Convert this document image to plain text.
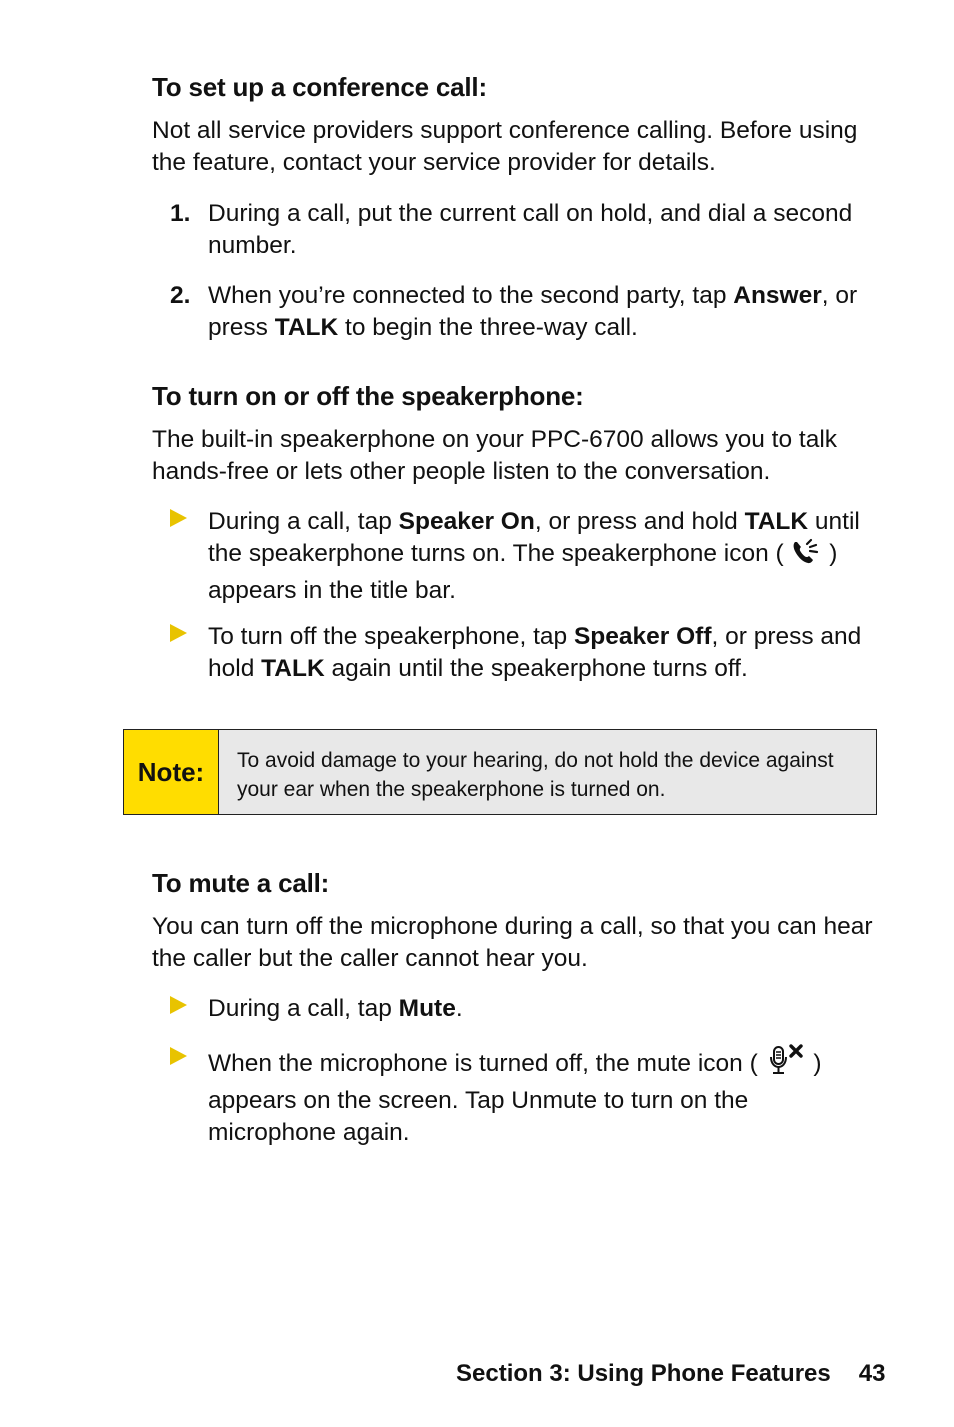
To set up a conference call:

Not all service providers support conference calling. Before using the feature, contact your service provider for details.

1. During a call, put the current call on hold, and dial a second number.
2. When you’re connected to the second party, tap Answer, or press TALK to begin the three-way call.
To turn on or off the speakerphone:

The built-in speakerphone on your PPC-6700 allows you to talk hands-free or lets other people listen to the conversation.

During a call, tap Speaker On, or press and hold TALK until the speakerphone turns on. The speakerphone icon (  ) appears in the title bar.
To turn off the speakerphone, tap Speaker Off, or press and hold TALK again until the speakerphone turns off.
Note:	To avoid damage to your hearing, do not hold the device against your ear when the speakerphone is turned on.
To mute a call:

You can turn off the microphone during a call, so that you can hear the caller but the caller cannot hear you.

During a call, tap Mute.
When the microphone is turned off, the mute icon (  ) appears on the screen. Tap Unmute to turn on the microphone again.
Section 3: Using Phone Features 43
